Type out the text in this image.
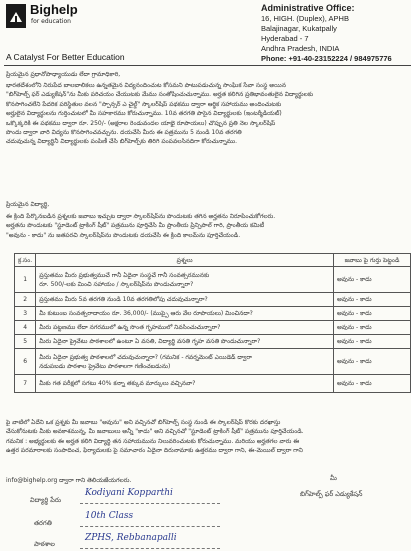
Bighelp
for education
Administrative Office:
16, HIGH. (Duplex), APHB
Balajinagar, Kukatpally
Hyderabad - 7
Andhra Pradesh, INDIA
Phone: +91-40-23152224 / 984975776
A Catalyst For Better Education
ప్రియమైన ప్రధానోపాధ్యాయుడు లేదా గ్రామాధికారి,
భారతదేశంలోని నిరుపేద బాలబాలికలు ఉన్నతమైన విద్యనందించుట కోసమని పాటుపడుచున్న సాంఘిక సేవా సంస్థ అయిన
"బిగ్‌హెల్ప్ ఫర్ ఎడ్యుకేషన్"ను మీకు పరిచయం చేయుటకు మేము సంతోషించుచున్నాము. అర్హత కలిగిన ప్రతిభావంతులైన విద్యార్థులకు
కొనసాగించలేని పేదరిక పరిస్థితుల వలన "స్పాన్సర్ ఎ చైల్డ్" స్కాలర్‌షిప్ పథకము ద్వారా ఆర్థిక సహాయము అందించుటకు
అర్హులైన విద్యార్థులను గుర్తించుటలో మీ సహకారము కోరుచున్నాము. 10వ తరగతి పాసైన విద్యార్థులకు (ఇంటర్మీడియట్)
ఒక్కొక్కరికి ఈ పథకము ద్వారా రూ. 250/- (అక్షరాల రెండువందల యాభై రూపాయలు) చొప్పున ప్రతి నెల స్కాలర్‌షిప్
పొందు ద్వారా వారి విద్యను కొనసాగించవచ్చును. దయచేసి మీరు ఈ పత్రమును 5 నుండి 10వ తరగతి
చదువుచున్న విద్యార్థినీ విద్యార్థులకు పంపిణీ చేసి బిగ్‌హెల్ప్‌కు తిరిగి పంపవలసినదిగా కోరుచున్నాము.
ప్రియమైన విద్యార్థి,
ఈ క్రింది పేర్కొనబడిన ప్రశ్నలకు జవాబు ఇచ్చుట ద్వారా స్కాలర్‌షిప్‌ను పొందుటకు తగిన అర్హతను నిరూపించుకోగలరు.
అర్హతను పొందుటకు "స్టూడెంట్ ట్రాకింగ్ షీట్" పత్రమును పూర్తిచేసి మీ ప్రాంతీయ ప్రిన్సిపాల్ గారి, ప్రాంతీయ కమిటీ
"అవును - కాదు" ను జతపరచి స్కాలర్‌షిప్‌ను పొందుటకు దయచేసి ఈ క్రింది కాలమ్‌ను పూర్తిచేయండి.
క్ర.సం.	ప్రశ్నలు	జవాబు పై గుర్తు పెట్టండి
1	ప్రస్తుతము మీరు ప్రభుత్వముచే గానీ ఏదైనా సంస్థచే గానీ సంవత్సరమునకు
రూ. 500/-లకు మించి సహాయం / స్కాలర్‌షిప్‌ను పొందుచున్నారా?	అవును - కాదు
2	ప్రస్తుతము మీరు 5వ తరగతి నుండి 10వ తరగతిలోపు చదువుచున్నారా?	అవును - కాదు
3	మీ కుటుంబ సంవత్సరాదాయం రూ. 36,000/- (ముప్పై ఆరు వేల రూపాయలు) మించినదా?	అవును - కాదు
4	మీరు పట్టణము లేదా నగరములో ఉన్న సొంత గృహములో నివసించుచున్నారా?	అవును - కాదు
5	మీరు ఏదైనా ప్రైవేటు పాఠశాలలో ఉంటూ ఏ వసతి, విద్యార్థి వసతి గృహ వసతి పొందుచున్నారా?	అవును - కాదు
6	మీరు ఏదైనా ప్రభుత్వ పాఠశాలలో చదువుచున్నారా? (గమనిక - గవర్నమెంట్ ఎయిడెడ్ ద్వారా
నడుపబడు పాఠశాల ప్రైవేటు పాఠశాలగా గణించబడును)	అవును - కాదు
7	మీకు గత పరీక్షలో సగటు 40% కన్నా తక్కువ మార్కులు వచ్చినవా?	అవును - కాదు
పై వాటిలో ఏదేని ఒక ప్రశ్నకు మీ జవాబు "అవును" అని వచ్చినచో బిగ్‌హెల్ప్ సంస్థ నుండి ఈ స్కాలర్‌షిప్ కొరకు దరఖాస్తు
చేసుకోనుటకు మీకు అవకాశమున్న, మీ జవాబులు అన్నీ "కాదు" అని వచ్చినచో "స్టూడెంట్ ట్రాకింగ్ షీట్" పత్రమును పూర్తిచేయండి.
గమనిక : అభ్యర్థులకు ఈ అర్హత కలిగి విద్యార్థి తన సహాయమును నిలువరించుటకు కోరుచున్నాము. మరియు అర్హతగల వారు ఈ
ఉత్తర పరమారాలకు సంపాదించ, ఫిర్యాదులకు పై సమాచారం ఏదైనా దిరునామాకు ఉత్తరము ద్వారా గాని, ఈ-మెయిల్ ద్వారా గాని
info@bighelp.org ద్వారా గాని తెలియజేయగలరు.	మీ
బిగ్‌హెల్ప్ ఫర్ ఎడ్యుకేషన్
విద్యార్థి పేరు
Kodiyani Kopparthi
తరగతి
10th Class
పాఠశాల
ZPHS, Rebbanapalli
